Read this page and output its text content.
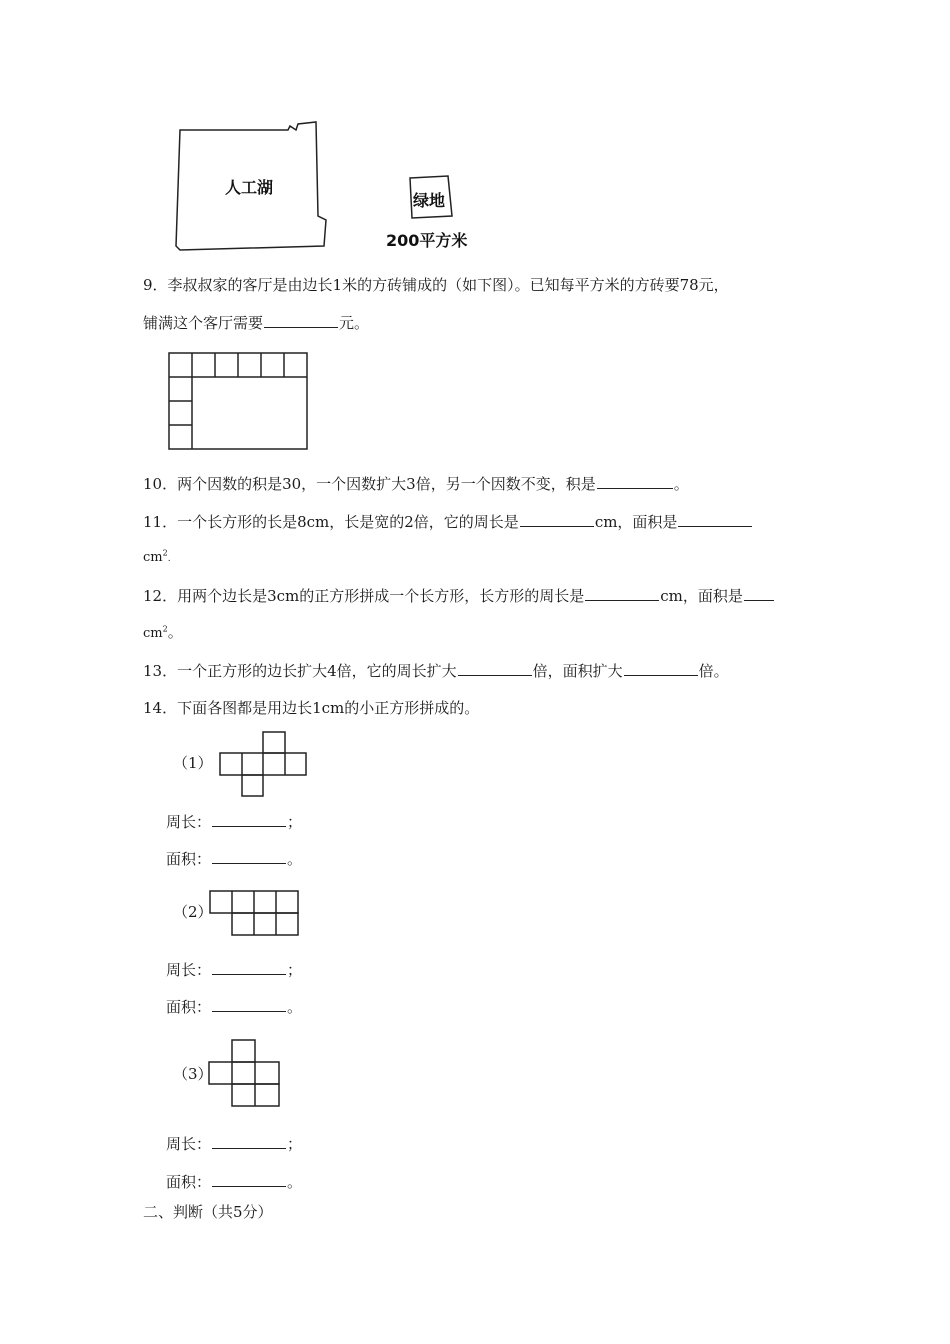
人工湖
绿地
200平方米
9．李叔叔家的客厅是由边长1米的方砖铺成的（如下图）。已知每平方米的方砖要78元，
铺满这个客厅需要	元。
10．两个因数的积是30，一个因数扩大3倍，另一个因数不变，积是	。
11．一个长方形的长是8cm，长是宽的2倍，它的周长是	cm，面积是
$cm^2$.
12．用两个边长是3cm的正方形拼成一个长方形，长方形的周长是	cm，面积是
$cm^2$。
13．一个正方形的边长扩大4倍，它的周长扩大	倍，面积扩大	倍。
14．下面各图都是用边长1cm的小正方形拼成的。
（1）
周长：	；
面积：	。
（2）
周长：	；
面积：	。
（3）
周长：	；
面积：	。
二、判断（共5分）
